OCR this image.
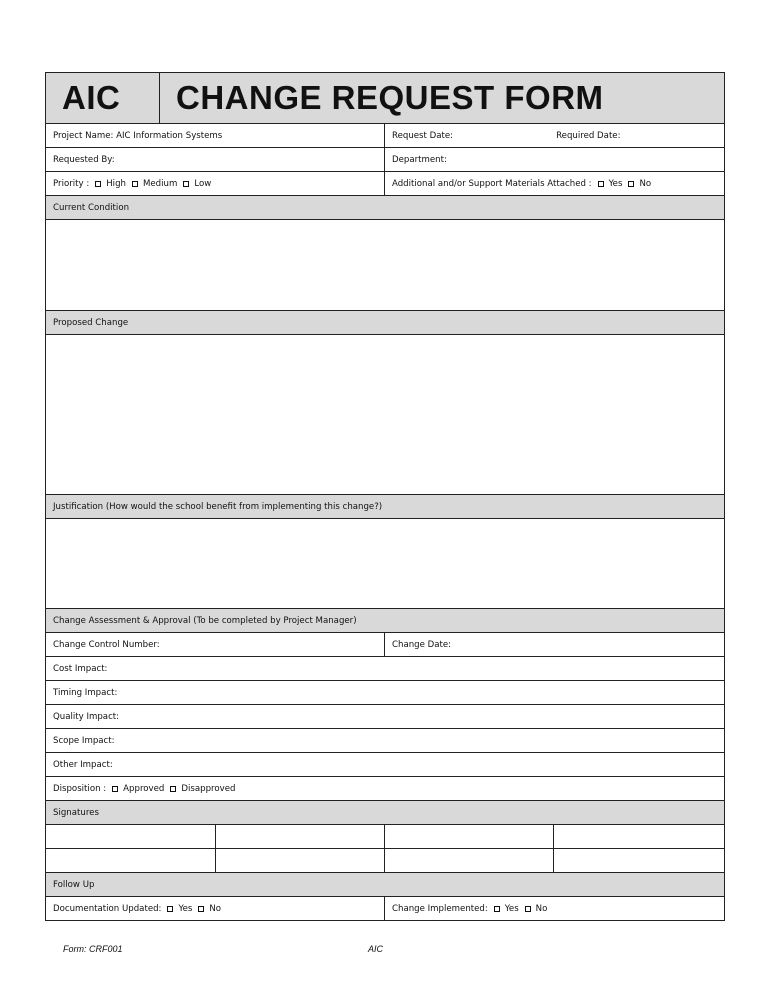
AIC	CHANGE REQUEST FORM
Project Name: AIC Information Systems	Request Date:	Required Date:
Requested By:	Department:
Priority : High Medium Low	Additional and/or Support Materials Attached : Yes No
Current Condition
Proposed Change
Justification (How would the school benefit from implementing this change?)
Change Assessment & Approval (To be completed by Project Manager)
Change Control Number:	Change Date:
Cost Impact:
Timing Impact:
Quality Impact:
Scope Impact:
Other Impact:
Disposition : Approved Disapproved
Signatures
Follow Up
Documentation Updated: Yes No	Change Implemented: Yes No
Form: CRF001	AIC
